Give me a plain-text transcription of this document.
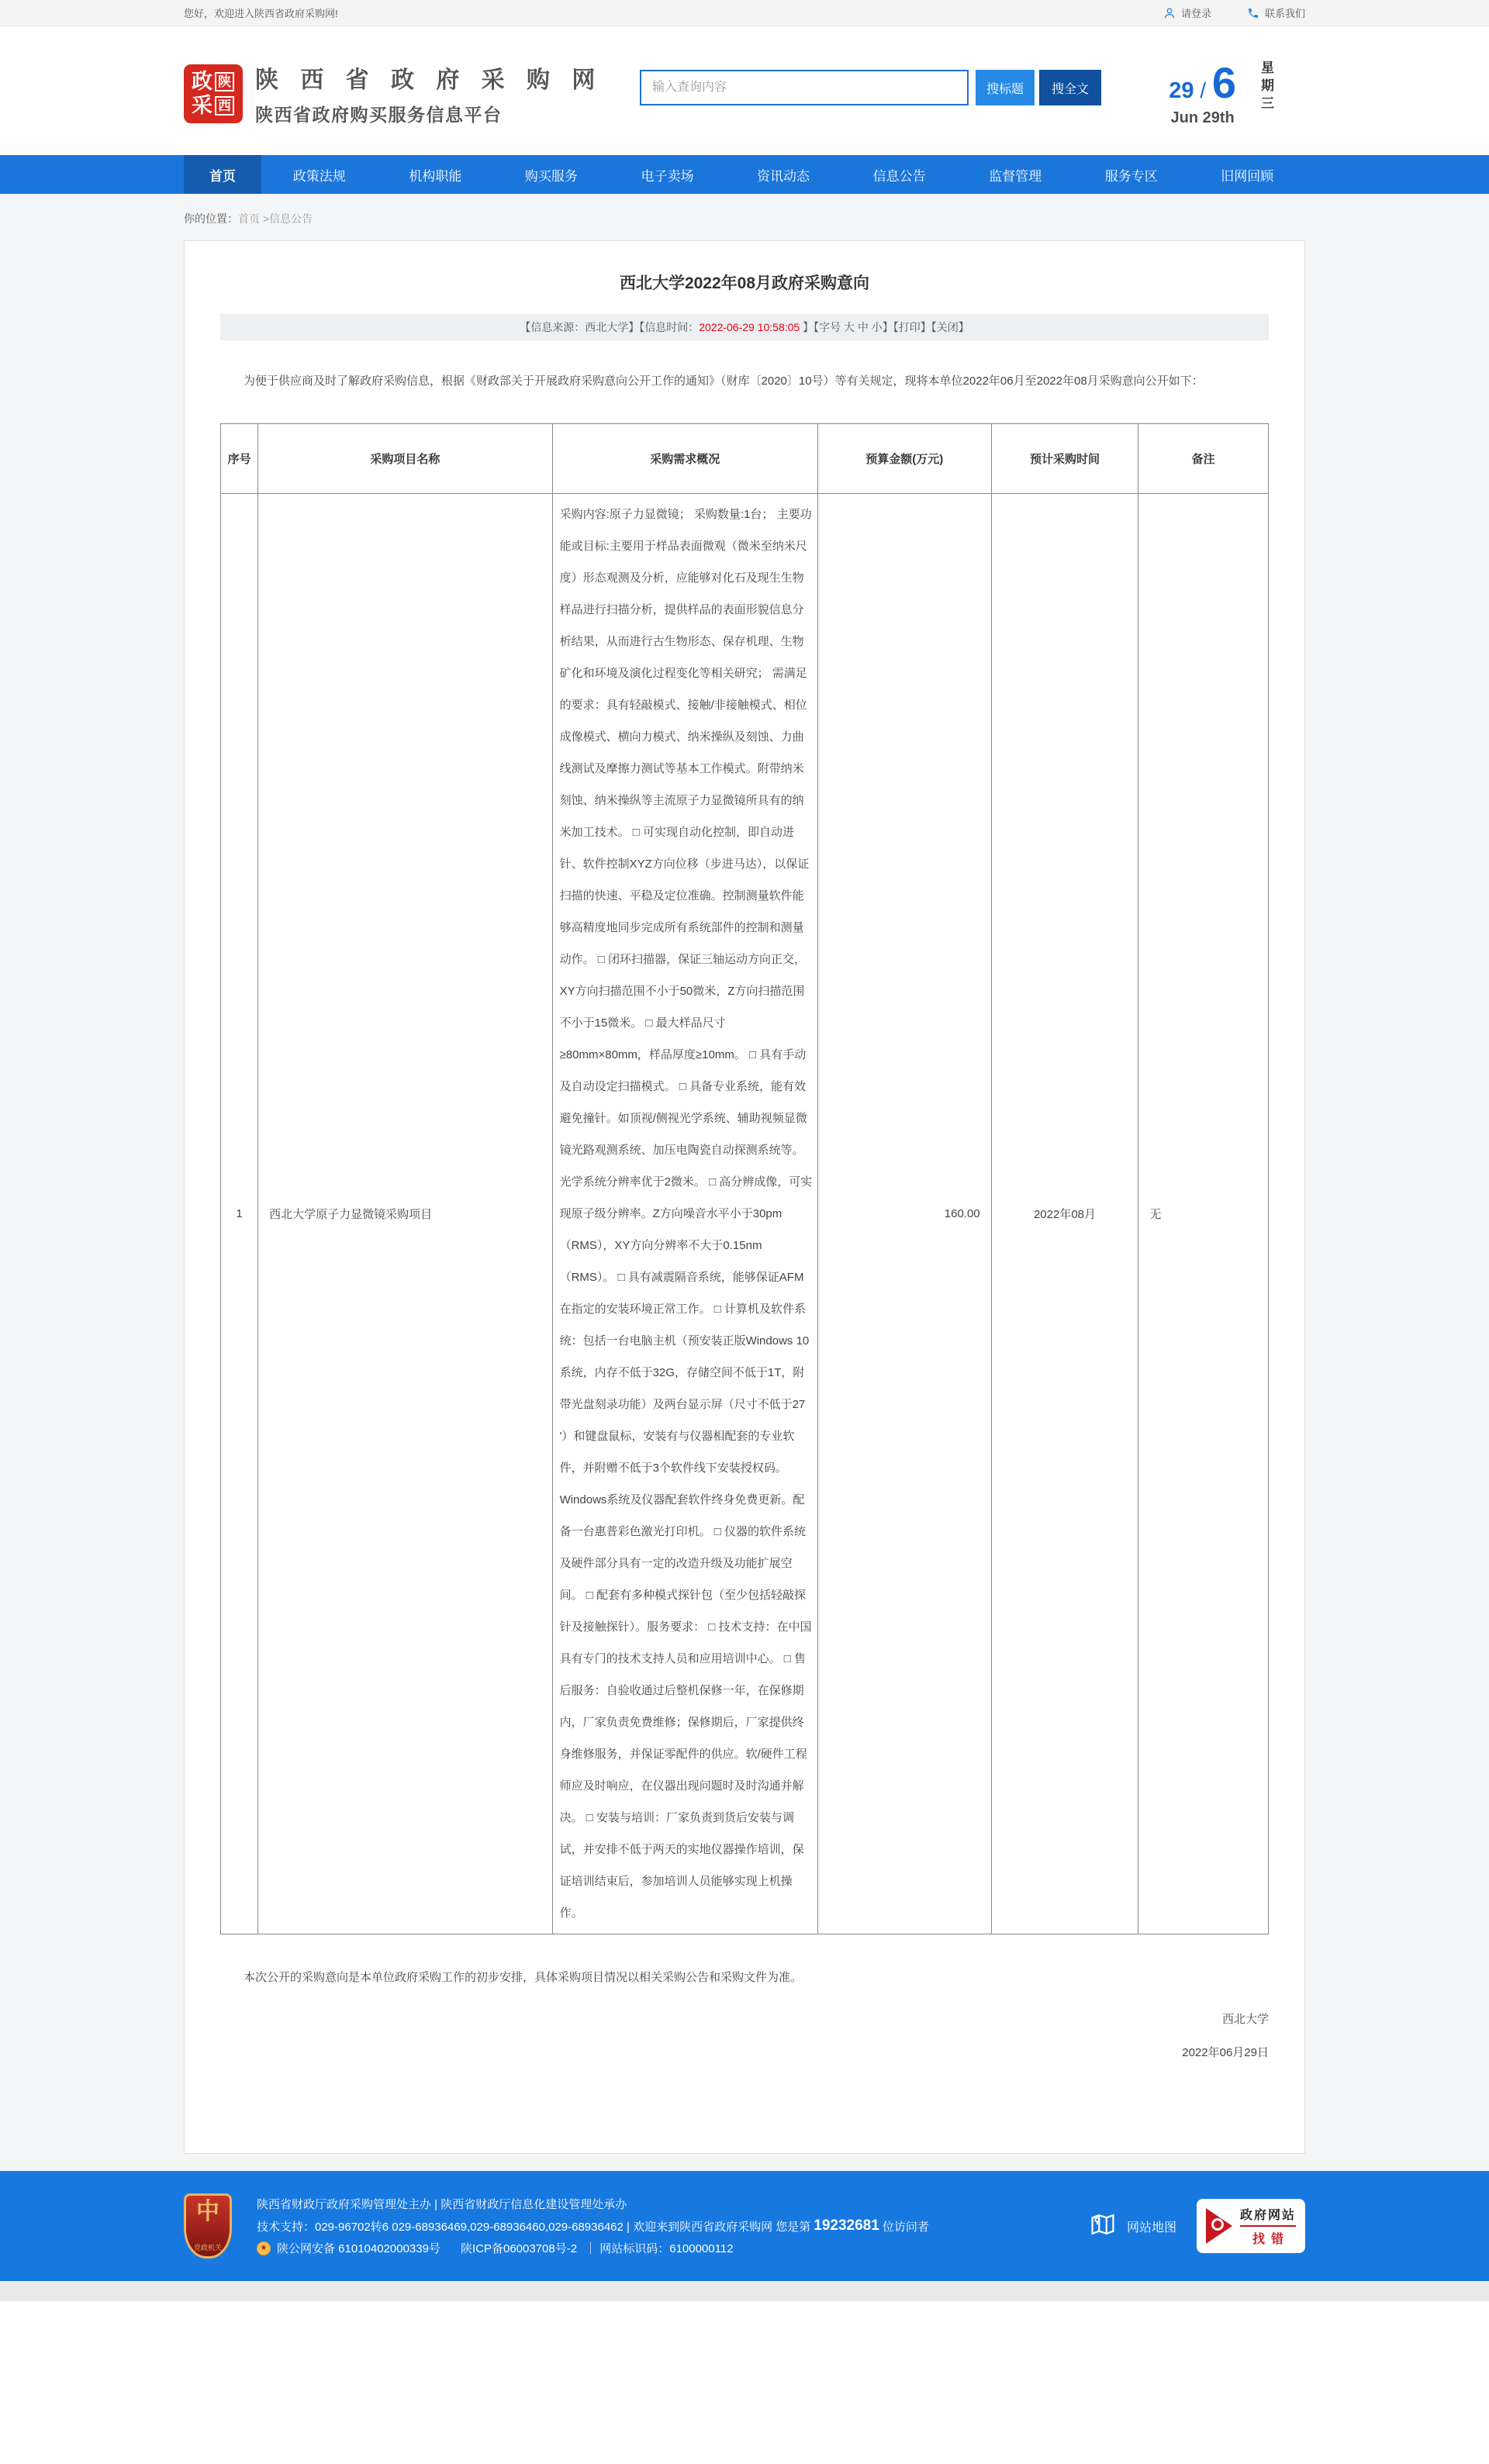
您好，欢迎进入陕西省政府采购网!	请登录	联系我们
政 陕
采 西
陕 西 省 政 府 采 购 网
陕西省政府购买服务信息平台
输入查询内容
搜标题	搜全文	29 / 6
Jun 29th
星期三
首页	政策法规	机构职能	购买服务	电子卖场	资讯动态	信息公告	监督管理	服务专区	旧网回顾
你的位置：首页 >信息公告
西北大学2022年08月政府采购意向
【信息来源：西北大学】【信息时间：2022-06-29 10:58:05 】【字号 大 中 小】【打印】【关闭】

为便于供应商及时了解政府采购信息，根据《财政部关于开展政府采购意向公开工作的通知》（财库〔2020〕10号）等有关规定，现将本单位2022年06月至2022年08月采购意向公开如下：

序号	采购项目名称	采购需求概况	预算金额(万元)	预计采购时间	备注
1	西北大学原子力显微镜采购项目	采购内容:原子力显微镜； 采购数量:1台； 主要功能或目标:主要用于样品表面微观（微米至纳米尺度）形态观测及分析，应能够对化石及现生生物样品进行扫描分析，提供样品的表面形貌信息分析结果，从而进行古生物形态、保存机理、生物矿化和环境及演化过程变化等相关研究； 需满足的要求：具有轻敲模式、接触/非接触模式、相位成像模式、横向力模式、纳米操纵及刻蚀、力曲线测试及摩擦力测试等基本工作模式。附带纳米刻蚀、纳米操纵等主流原子力显微镜所具有的纳米加工技术。 □ 可实现自动化控制，即自动进针、软件控制XYZ方向位移（步进马达），以保证扫描的快速、平稳及定位准确。控制测量软件能够高精度地同步完成所有系统部件的控制和测量动作。 □ 闭环扫描器，保证三轴运动方向正交，XY方向扫描范围不小于50微米，Z方向扫描范围不小于15微米。 □ 最大样品尺寸≥80mm×80mm，样品厚度≥10mm。 □ 具有手动及自动设定扫描模式。 □ 具备专业系统，能有效避免撞针。如顶视/侧视光学系统、辅助视频显微镜光路观测系统、加压电陶瓷自动探测系统等。光学系统分辨率优于2微米。 □ 高分辨成像，可实现原子级分辨率。Z方向噪音水平小于30pm（RMS），XY方向分辨率不大于0.15nm（RMS）。 □ 具有减震隔音系统，能够保证AFM在指定的安装环境正常工作。 □ 计算机及软件系统：包括一台电脑主机（预安装正版Windows 10系统，内存不低于32G，存储空间不低于1T，附带光盘刻录功能）及两台显示屏（尺寸不低于27 '）和键盘鼠标，安装有与仪器相配套的专业软件，并附赠不低于3个软件线下安装授权码。Windows系统及仪器配套软件终身免费更新。配备一台惠普彩色激光打印机。 □ 仪器的软件系统及硬件部分具有一定的改造升级及功能扩展空间。 □ 配套有多种模式探针包（至少包括轻敲探针及接触探针）。服务要求： □ 技术支持：在中国具有专门的技术支持人员和应用培训中心。 □ 售后服务：自验收通过后整机保修一年，在保修期内，厂家负责免费维修；保修期后，厂家提供终身维修服务，并保证零配件的供应。软/硬件工程师应及时响应，在仪器出现问题时及时沟通并解决。 □ 安装与培训：厂家负责到货后安装与调试，并安排不低于两天的实地仪器操作培训，保证培训结束后，参加培训人员能够实现上机操作。	160.00	2022年08月	无

本次公开的采购意向是本单位政府采购工作的初步安排，具体采购项目情况以相关采购公告和采购文件为准。

西北大学
2022年06月29日
中
党政机关
陕西省财政厅政府采购管理处主办 | 陕西省财政厅信息化建设管理处承办
技术支持：029-96702转6 029-68936469,029-68936460,029-68936462 | 欢迎来到陕西省政府采购网 您是第 19232681 位访问者
★ 陕公网安备 61010402000339号 陕ICP备06003708号-2 ｜ 网站标识码：6100000112
网站地图
政府网站
找错
